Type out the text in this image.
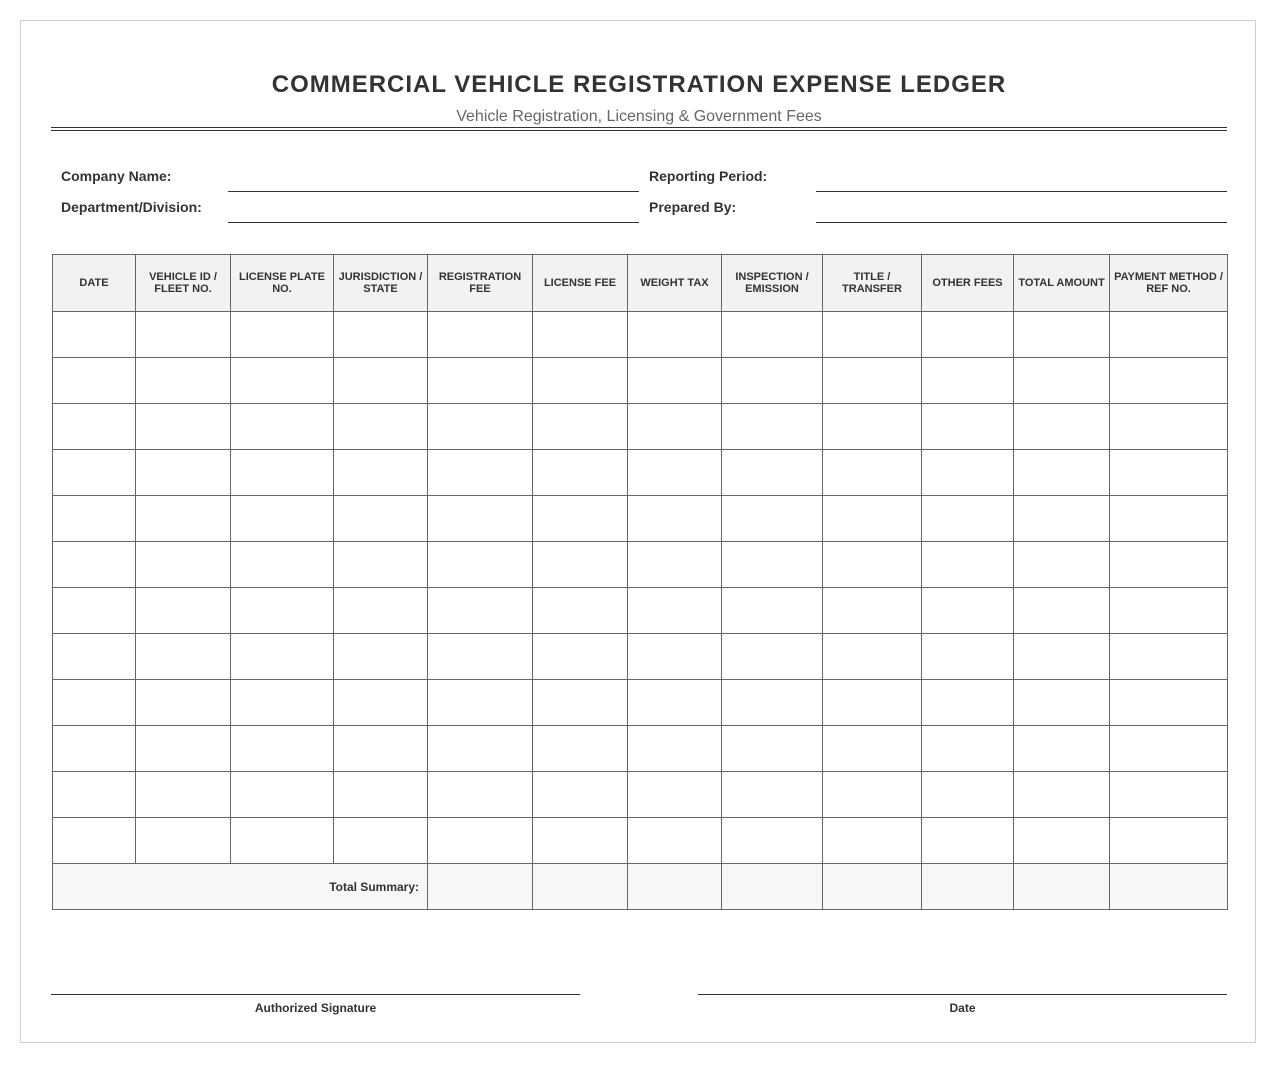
COMMERCIAL VEHICLE REGISTRATION EXPENSE LEDGER
Vehicle Registration, Licensing & Government Fees
Company Name:	Reporting Period:
Department/Division:	Prepared By:
DATE	VEHICLE ID / FLEET NO.	LICENSE PLATE NO.	JURISDICTION / STATE	REGISTRATION FEE	LICENSE FEE	WEIGHT TAX	INSPECTION / EMISSION	TITLE / TRANSFER	OTHER FEES	TOTAL AMOUNT	PAYMENT METHOD / REF NO.

Total Summary:											
Authorized Signature	Date
